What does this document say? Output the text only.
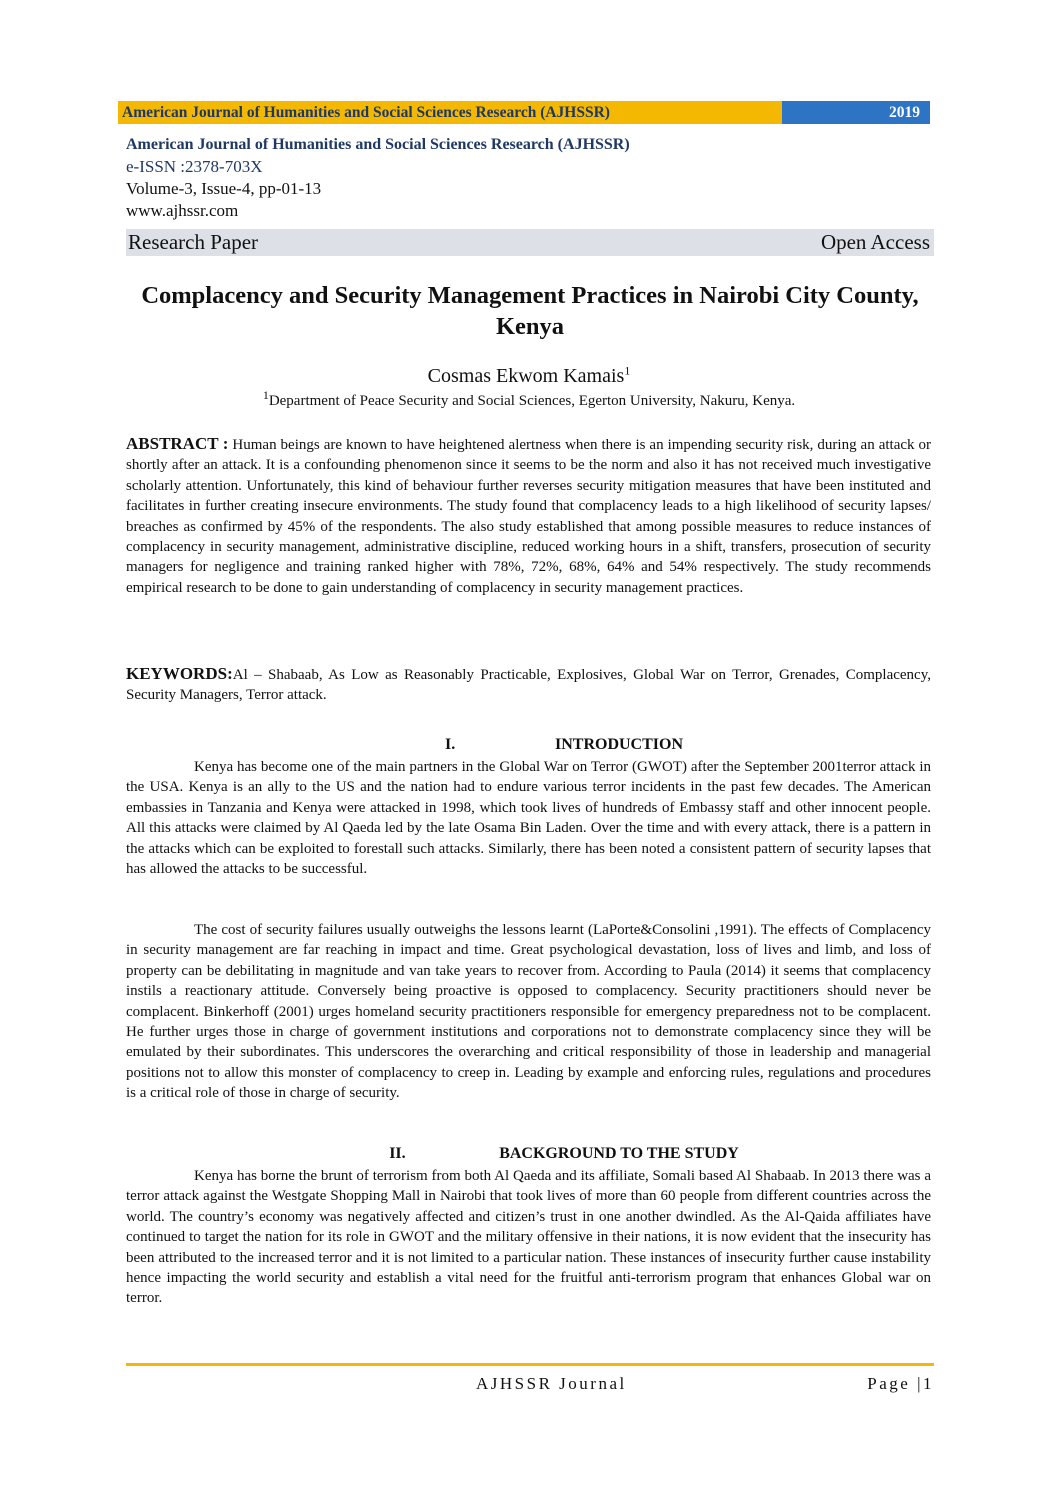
American Journal of Humanities and Social Sciences Research (AJHSSR)	2019
American Journal of Humanities and Social Sciences Research (AJHSSR)
e-ISSN :2378-703X
Volume-3, Issue-4, pp-01-13
www.ajhssr.com
Research Paper	Open Access
Complacency and Security Management Practices in Nairobi City County, Kenya
Cosmas Ekwom Kamais$^1$
$^1$Department of Peace Security and Social Sciences, Egerton University, Nakuru, Kenya.
ABSTRACT : Human beings are known to have heightened alertness when there is an impending security risk, during an attack or shortly after an attack. It is a confounding phenomenon since it seems to be the norm and also it has not received much investigative scholarly attention. Unfortunately, this kind of behaviour further reverses security mitigation measures that have been instituted and facilitates in further creating insecure environments. The study found that complacency leads to a high likelihood of security lapses/ breaches as confirmed by 45% of the respondents. The also study established that among possible measures to reduce instances of complacency in security management, administrative discipline, reduced working hours in a shift, transfers, prosecution of security managers for negligence and training ranked higher with 78%, 72%, 68%, 64% and 54% respectively. The study recommends empirical research to be done to gain understanding of complacency in security management practices.
KEYWORDS:Al – Shabaab, As Low as Reasonably Practicable, Explosives, Global War on Terror, Grenades, Complacency, Security Managers, Terror attack.
I.	INTRODUCTION
Kenya has become one of the main partners in the Global War on Terror (GWOT) after the September 2001terror attack in the USA. Kenya is an ally to the US and the nation had to endure various terror incidents in the past few decades. The American embassies in Tanzania and Kenya were attacked in 1998, which took lives of hundreds of Embassy staff and other innocent people. All this attacks were claimed by Al Qaeda led by the late Osama Bin Laden. Over the time and with every attack, there is a pattern in the attacks which can be exploited to forestall such attacks. Similarly, there has been noted a consistent pattern of security lapses that has allowed the attacks to be successful.
The cost of security failures usually outweighs the lessons learnt (LaPorte&Consolini ,1991). The effects of Complacency in security management are far reaching in impact and time. Great psychological devastation, loss of lives and limb, and loss of property can be debilitating in magnitude and van take years to recover from. According to Paula (2014) it seems that complacency instils a reactionary attitude. Conversely being proactive is opposed to complacency. Security practitioners should never be complacent. Binkerhoff (2001) urges homeland security practitioners responsible for emergency preparedness not to be complacent. He further urges those in charge of government institutions and corporations not to demonstrate complacency since they will be emulated by their subordinates. This underscores the overarching and critical responsibility of those in leadership and managerial positions not to allow this monster of complacency to creep in. Leading by example and enforcing rules, regulations and procedures is a critical role of those in charge of security.
II.	BACKGROUND TO THE STUDY
Kenya has borne the brunt of terrorism from both Al Qaeda and its affiliate, Somali based Al Shabaab. In 2013 there was a terror attack against the Westgate Shopping Mall in Nairobi that took lives of more than 60 people from different countries across the world. The country’s economy was negatively affected and citizen’s trust in one another dwindled. As the Al-Qaida affiliates have continued to target the nation for its role in GWOT and the military offensive in their nations, it is now evident that the insecurity has been attributed to the increased terror and it is not limited to a particular nation. These instances of insecurity further cause instability hence impacting the world security and establish a vital need for the fruitful anti-terrorism program that enhances Global war on terror.
AJHSSR Journal	Page |1
